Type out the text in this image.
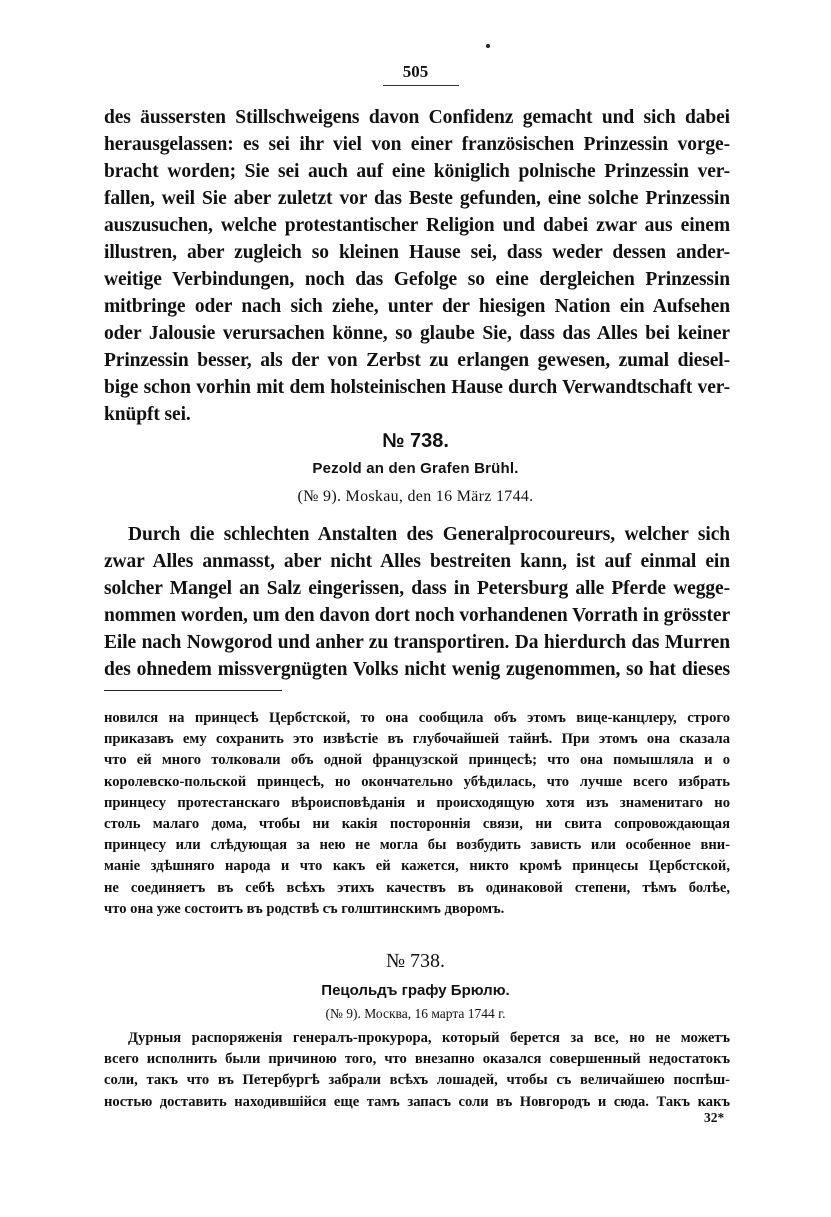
505
des äussersten Stillschweigens davon Confidenz gemacht und sich dabei
herausgelassen: es sei ihr viel von einer französischen Prinzessin vorge-
bracht worden; Sie sei auch auf eine königlich polnische Prinzessin ver-
fallen, weil Sie aber zuletzt vor das Beste gefunden, eine solche Prinzessin
auszusuchen, welche protestantischer Religion und dabei zwar aus einem
illustren, aber zugleich so kleinen Hause sei, dass weder dessen ander-
weitige Verbindungen, noch das Gefolge so eine dergleichen Prinzessin
mitbringe oder nach sich ziehe, unter der hiesigen Nation ein Aufsehen
oder Jalousie verursachen könne, so glaube Sie, dass das Alles bei keiner
Prinzessin besser, als der von Zerbst zu erlangen gewesen, zumal diesel-
bige schon vorhin mit dem holsteinischen Hause durch Verwandtschaft ver-
knüpft sei.
№ 738.
Pezold an den Grafen Brühl.
(№ 9). Moskau, den 16 März 1744.
Durch die schlechten Anstalten des Generalprocoureurs, welcher sich
zwar Alles anmasst, aber nicht Alles bestreiten kann, ist auf einmal ein
solcher Mangel an Salz eingerissen, dass in Petersburg alle Pferde wegge-
nommen worden, um den davon dort noch vorhandenen Vorrath in grösster
Eile nach Nowgorod und anher zu transportiren. Da hierdurch das Murren
des ohnedem missvergnügten Volks nicht wenig zugenommen, so hat dieses
новился на принцесѣ Цербстской, то она сообщила объ этомъ вице-канцлеру, строго
приказавъ ему сохранить это извѣстіе въ глубочайшей тайнѣ. При этомъ она сказала
что ей много толковали объ одной французской принцесѣ; что она помышляла и о
королевско-польской принцесѣ, но окончательно убѣдилась, что лучше всего избрать
принцесу протестанскаго вѣроисповѣданія и происходящую хотя изъ знаменитаго но
столь малаго дома, чтобы ни какія постороннія связи, ни свита сопровождающая
принцесу или слѣдующая за нею не могла бы возбудить зависть или особенное вни-
маніе здѣшняго народа и что какъ ей кажется, никто кромѣ принцесы Цербстской,
не соединяетъ въ себѣ всѣхъ этихъ качествъ въ одинаковой степени, тѣмъ болѣе,
что она уже состоитъ въ родствѣ съ голштинскимъ дворомъ.
№ 738.
Пецольдъ графу Брюлю.
(№ 9). Москва, 16 марта 1744 г.
Дурныя распоряженія генералъ-прокурора, который берется за все, но не можетъ
всего исполнить были причиною того, что внезапно оказался совершенный недостатокъ
соли, такъ что въ Петербургѣ забрали всѣхъ лошадей, чтобы съ величайшею поспѣш-
ностью доставить находившійся еще тамъ запасъ соли въ Новгородъ и сюда. Такъ какъ
32*
